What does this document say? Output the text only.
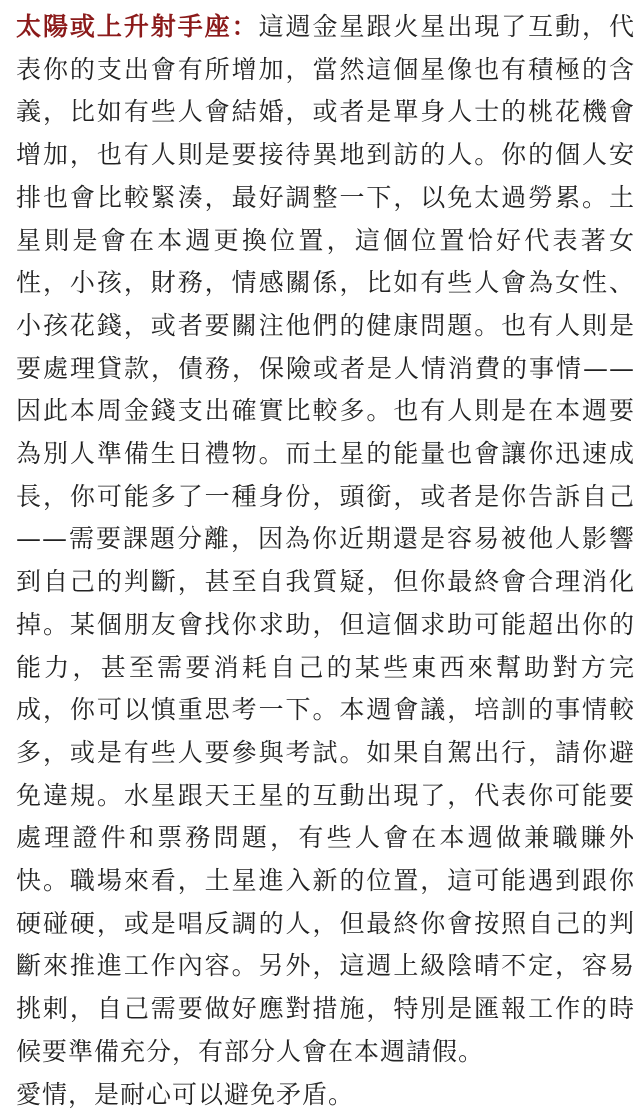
太陽或上升射手座：這週金星跟火星出現了互動，代表你的支出會有所增加，當然這個星像也有積極的含義，比如有些人會結婚，或者是單身人士的桃花機會增加，也有人則是要接待異地到訪的人。你的個人安排也會比較緊湊，最好調整一下，以免太過勞累。土星則是會在本週更換位置，這個位置恰好代表著女性，小孩，財務，情感關係，比如有些人會為女性、小孩花錢，或者要關注他們的健康問題。也有人則是要處理貸款，債務，保險或者是人情消費的事情——因此本周金錢支出確實比較多。也有人則是在本週要為別人準備生日禮物。而土星的能量也會讓你迅速成長，你可能多了一種身份，頭銜，或者是你告訴自己——需要課題分離，因為你近期還是容易被他人影響到自己的判斷，甚至自我質疑，但你最終會合理消化掉。某個朋友會找你求助，但這個求助可能超出你的能力，甚至需要消耗自己的某些東西來幫助對方完成，你可以慎重思考一下。本週會議，培訓的事情較多，或是有些人要參與考試。如果自駕出行，請你避免違規。水星跟天王星的互動出現了，代表你可能要處理證件和票務問題，有些人會在本週做兼職賺外快。職場來看，土星進入新的位置，這可能遇到跟你硬碰硬，或是唱反調的人，但最終你會按照自己的判斷來推進工作內容。另外，這週上級陰晴不定，容易挑剌，自己需要做好應對措施，特別是匯報工作的時候要準備充分，有部分人會在本週請假。

愛情，是耐心可以避免矛盾。
